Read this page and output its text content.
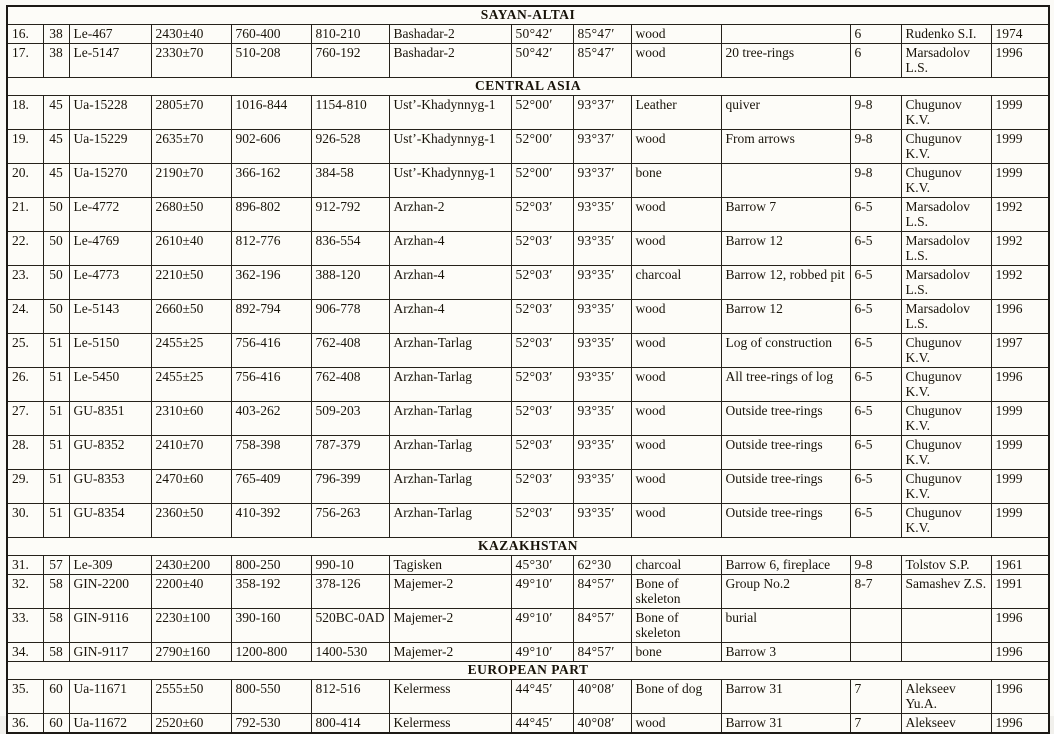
SAYAN-ALTAI													
16.	38	Le-467	2430±40	760-400	810-210	Bashadar-2	50°42′	85°47′	wood		6	Rudenko S.I.	1974
17.	38	Le-5147	2330±70	510-208	760-192	Bashadar-2	50°42′	85°47′	wood	20 tree-rings	6	Marsadolov L.S.	1996
CENTRAL ASIA													
18.	45	Ua-15228	2805±70	1016-844	1154-810	Ust’-Khadynnyg-1	52°00′	93°37′	Leather	quiver	9-8	Chugunov K.V.	1999
19.	45	Ua-15229	2635±70	902-606	926-528	Ust’-Khadynnyg-1	52°00′	93°37′	wood	From arrows	9-8	Chugunov K.V.	1999
20.	45	Ua-15270	2190±70	366-162	384-58	Ust’-Khadynnyg-1	52°00′	93°37′	bone		9-8	Chugunov K.V.	1999
21.	50	Le-4772	2680±50	896-802	912-792	Arzhan-2	52°03′	93°35′	wood	Barrow 7	6-5	Marsadolov L.S.	1992
22.	50	Le-4769	2610±40	812-776	836-554	Arzhan-4	52°03′	93°35′	wood	Barrow 12	6-5	Marsadolov L.S.	1992
23.	50	Le-4773	2210±50	362-196	388-120	Arzhan-4	52°03′	93°35′	charcoal	Barrow 12, robbed pit	6-5	Marsadolov L.S.	1992
24.	50	Le-5143	2660±50	892-794	906-778	Arzhan-4	52°03′	93°35′	wood	Barrow 12	6-5	Marsadolov L.S.	1996
25.	51	Le-5150	2455±25	756-416	762-408	Arzhan-Tarlag	52°03′	93°35′	wood	Log of construction	6-5	Chugunov K.V.	1997
26.	51	Le-5450	2455±25	756-416	762-408	Arzhan-Tarlag	52°03′	93°35′	wood	All tree-rings of log	6-5	Chugunov K.V.	1996
27.	51	GU-8351	2310±60	403-262	509-203	Arzhan-Tarlag	52°03′	93°35′	wood	Outside tree-rings	6-5	Chugunov K.V.	1999
28.	51	GU-8352	2410±70	758-398	787-379	Arzhan-Tarlag	52°03′	93°35′	wood	Outside tree-rings	6-5	Chugunov K.V.	1999
29.	51	GU-8353	2470±60	765-409	796-399	Arzhan-Tarlag	52°03′	93°35′	wood	Outside tree-rings	6-5	Chugunov K.V.	1999
30.	51	GU-8354	2360±50	410-392	756-263	Arzhan-Tarlag	52°03′	93°35′	wood	Outside tree-rings	6-5	Chugunov K.V.	1999
KAZAKHSTAN													
31.	57	Le-309	2430±200	800-250	990-10	Tagisken	45°30′	62°30	charcoal	Barrow 6, fireplace	9-8	Tolstov S.P.	1961
32.	58	GIN-2200	2200±40	358-192	378-126	Majemer-2	49°10′	84°57′	Bone of skeleton	Group No.2	8-7	Samashev Z.S.	1991
33.	58	GIN-9116	2230±100	390-160	520BC-0AD	Majemer-2	49°10′	84°57′	Bone of skeleton	burial			1996
34.	58	GIN-9117	2790±160	1200-800	1400-530	Majemer-2	49°10′	84°57′	bone	Barrow 3			1996
EUROPEAN PART													
35.	60	Ua-11671	2555±50	800-550	812-516	Kelermess	44°45′	40°08′	Bone of dog	Barrow 31	7	Alekseev Yu.A.	1996
36.	60	Ua-11672	2520±60	792-530	800-414	Kelermess	44°45′	40°08′	wood	Barrow 31	7	Alekseev	1996
